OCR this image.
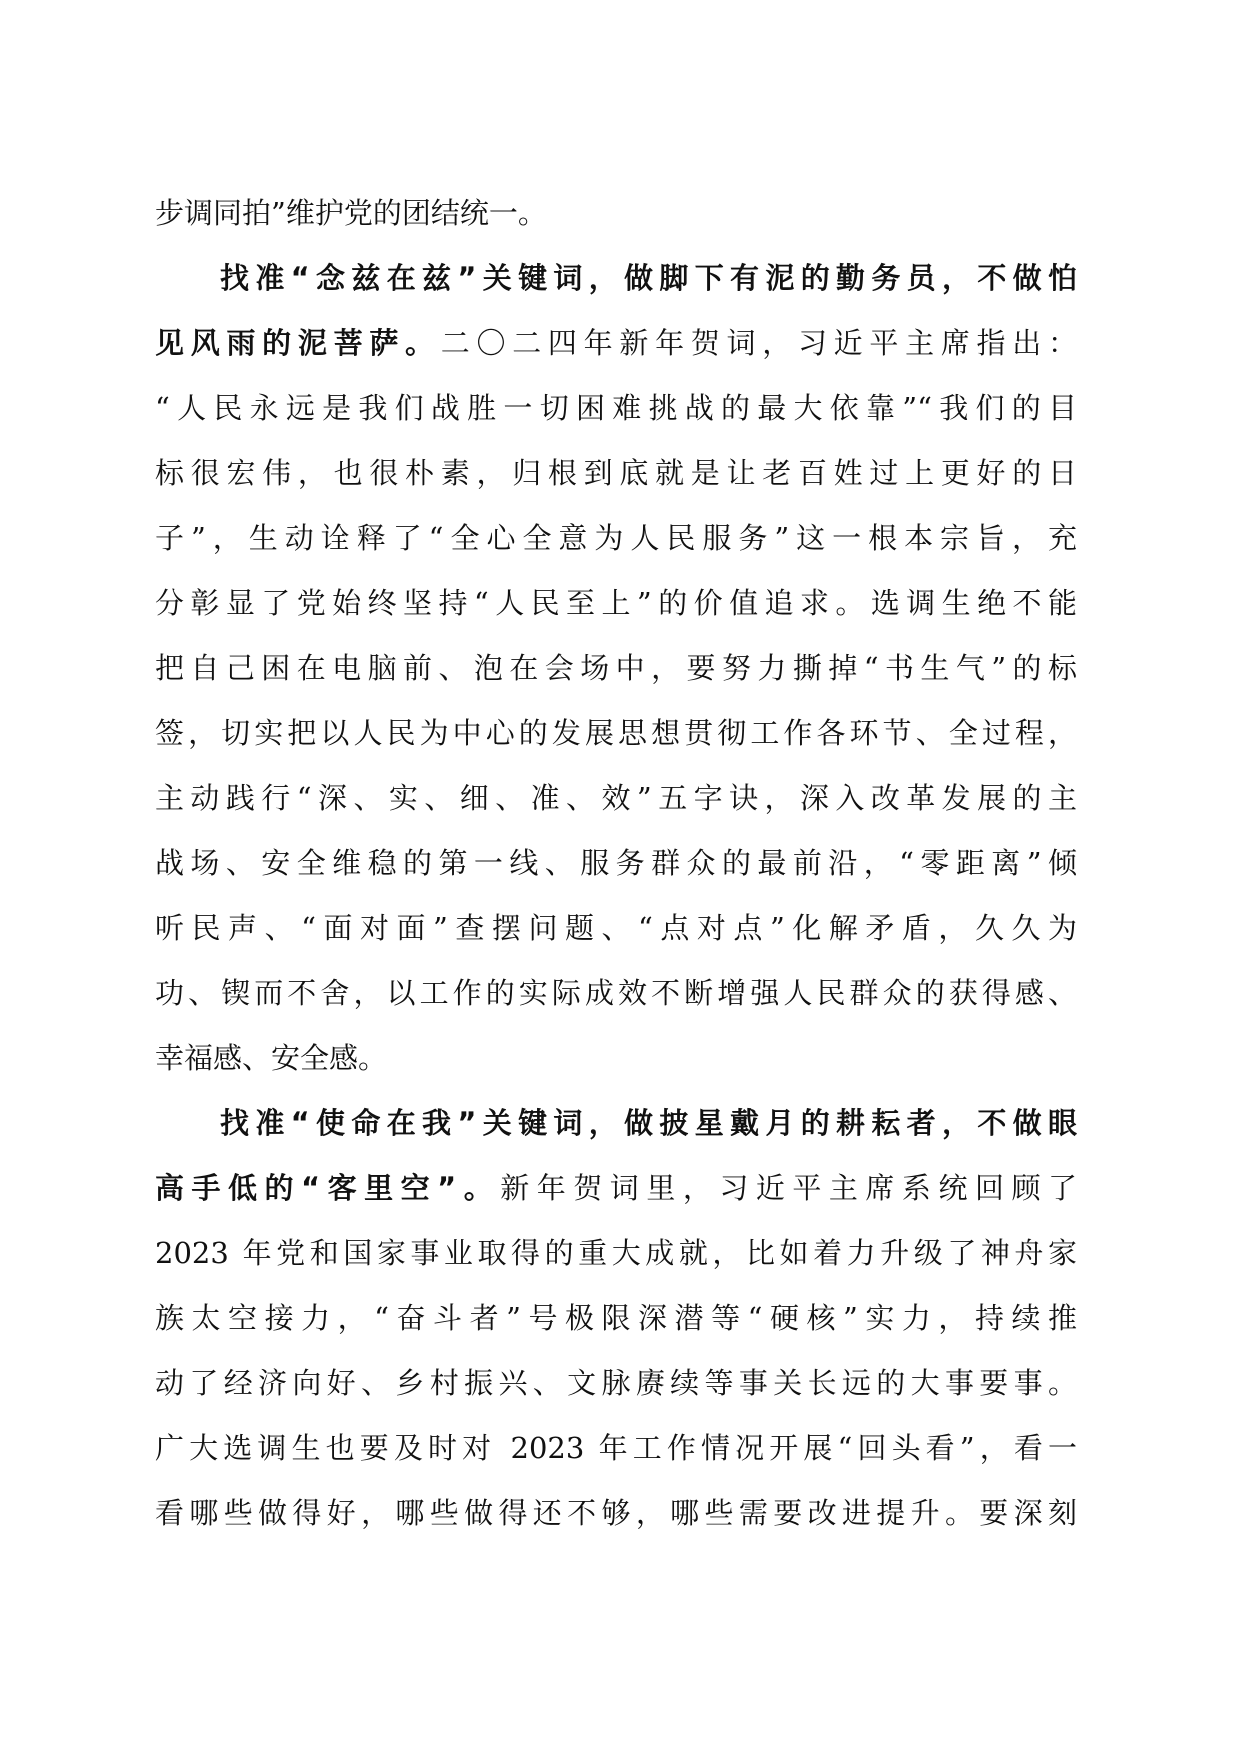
步调同拍”维护党的团结统一。
找准“念兹在兹”关键词，做脚下有泥的勤务员，不做怕
见风雨的泥菩萨。二〇二四年新年贺词，习近平主席指出：
“人民永远是我们战胜一切困难挑战的最大依靠”“我们的目
标很宏伟，也很朴素，归根到底就是让老百姓过上更好的日
子”，生动诠释了“全心全意为人民服务”这一根本宗旨，充
分彰显了党始终坚持“人民至上”的价值追求。选调生绝不能
把自己困在电脑前、泡在会场中，要努力撕掉“书生气”的标
签，切实把以人民为中心的发展思想贯彻工作各环节、全过程，
主动践行“深、实、细、准、效”五字诀，深入改革发展的主
战场、安全维稳的第一线、服务群众的最前沿，“零距离”倾
听民声、“面对面”查摆问题、“点对点”化解矛盾，久久为
功、锲而不舍，以工作的实际成效不断增强人民群众的获得感、
幸福感、安全感。
找准“使命在我”关键词，做披星戴月的耕耘者，不做眼
高手低的“客里空”。新年贺词里，习近平主席系统回顾了
2023 年党和国家事业取得的重大成就，比如着力升级了神舟家
族太空接力，“奋斗者”号极限深潜等“硬核”实力，持续推
动了经济向好、乡村振兴、文脉赓续等事关长远的大事要事。
广大选调生也要及时对 2023 年工作情况开展“回头看”，看一
看哪些做得好，哪些做得还不够，哪些需要改进提升。要深刻
